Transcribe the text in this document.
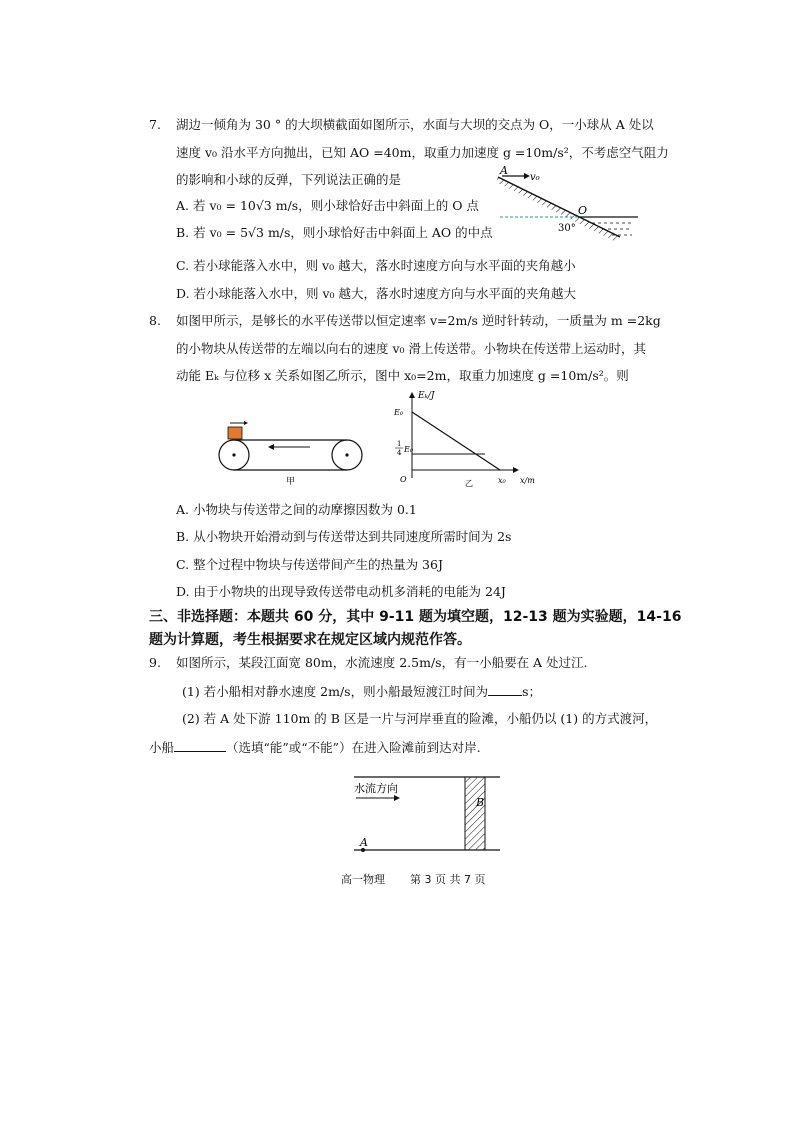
7. 湖边一倾角为 30 ° 的大坝横截面如图所示，水面与大坝的交点为 O，一小球从 A 处以
速度 v₀ 沿水平方向抛出，已知 AO =40m，取重力加速度 g =10m/s²，不考虑空气阻力
的影响和小球的反弹，下列说法正确的是
A. 若 v₀ = 10√3 m/s，则小球恰好击中斜面上的 O 点
B. 若 v₀ = 5√3 m/s，则小球恰好击中斜面上 AO 的中点
C. 若小球能落入水中，则 v₀ 越大，落水时速度方向与水平面的夹角越小
D. 若小球能落入水中，则 v₀ 越大，落水时速度方向与水平面的夹角越大
A
v₀
O
30°
8. 如图甲所示，是够长的水平传送带以恒定速率 v=2m/s 逆时针转动，一质量为 m =2kg
的小物块从传送带的左端以向右的速度 v₀ 滑上传送带。小物块在传送带上运动时，其
动能 Eₖ 与位移 x 关系如图乙所示，图中 x₀=2m，取重力加速度 g =10m/s²。则
甲
Eₖ/J
E₀
1
4 E₀
O	x₀ x/m
乙
A. 小物块与传送带之间的动摩擦因数为 0.1
B. 从小物块开始滑动到与传送带达到共同速度所需时间为 2s
C. 整个过程中物块与传送带间产生的热量为 36J
D. 由于小物块的出现导致传送带电动机多消耗的电能为 24J
三、非选择题：本题共 60 分，其中 9-11 题为填空题，12-13 题为实验题，14-16
题为计算题，考生根据要求在规定区域内规范作答。
9. 如图所示，某段江面宽 80m，水流速度 2.5m/s，有一小船要在 A 处过江.
(1) 若小船相对静水速度 2m/s，则小船最短渡江时间为	s；
(2) 若 A 处下游 110m 的 B 区是一片与河岸垂直的险滩，小船仍以 (1) 的方式渡河，
小船	（选填“能”或“不能”）在进入险滩前到达对岸.
水流方向
A
B
高一物理 第 3 页 共 7 页
